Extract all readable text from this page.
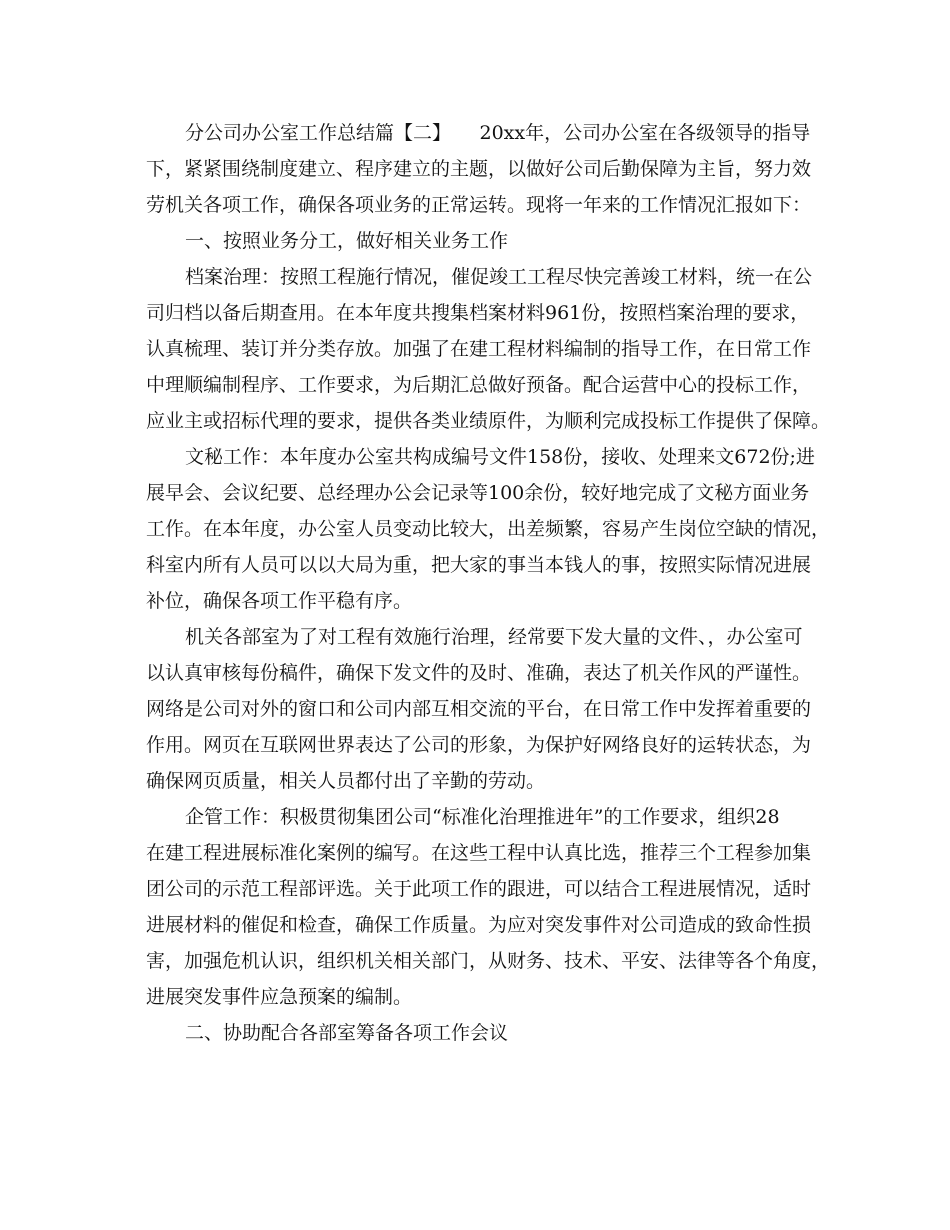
分公司办公室工作总结篇【二】　　20xx年，公司办公室在各级领导的指导
下，紧紧围绕制度建立、程序建立的主题，以做好公司后勤保障为主旨，努力效
劳机关各项工作，确保各项业务的正常运转。现将一年来的工作情况汇报如下：
一、按照业务分工，做好相关业务工作
档案治理：按照工程施行情况，催促竣工工程尽快完善竣工材料，统一在公
司归档以备后期查用。在本年度共搜集档案材料961份，按照档案治理的要求，
认真梳理、装订并分类存放。加强了在建工程材料编制的指导工作，在日常工作
中理顺编制程序、工作要求，为后期汇总做好预备。配合运营中心的投标工作，
应业主或招标代理的要求，提供各类业绩原件，为顺利完成投标工作提供了保障。
文秘工作：本年度办公室共构成编号文件158份，接收、处理来文672份;进
展早会、会议纪要、总经理办公会记录等100余份，较好地完成了文秘方面业务
工作。在本年度，办公室人员变动比较大，出差频繁，容易产生岗位空缺的情况，
科室内所有人员可以以大局为重，把大家的事当本钱人的事，按照实际情况进展
补位，确保各项工作平稳有序。
机关各部室为了对工程有效施行治理，经常要下发大量的文件、，办公室可
以认真审核每份稿件，确保下发文件的及时、准确，表达了机关作风的严谨性。
网络是公司对外的窗口和公司内部互相交流的平台，在日常工作中发挥着重要的
作用。网页在互联网世界表达了公司的形象，为保护好网络良好的运转状态，为
确保网页质量，相关人员都付出了辛勤的劳动。
企管工作：积极贯彻集团公司“标准化治理推进年”的工作要求，组织28
在建工程进展标准化案例的编写。在这些工程中认真比选，推荐三个工程参加集
团公司的示范工程部评选。关于此项工作的跟进，可以结合工程进展情况，适时
进展材料的催促和检查，确保工作质量。为应对突发事件对公司造成的致命性损
害，加强危机认识，组织机关相关部门，从财务、技术、平安、法律等各个角度，
进展突发事件应急预案的编制。
二、协助配合各部室筹备各项工作会议
